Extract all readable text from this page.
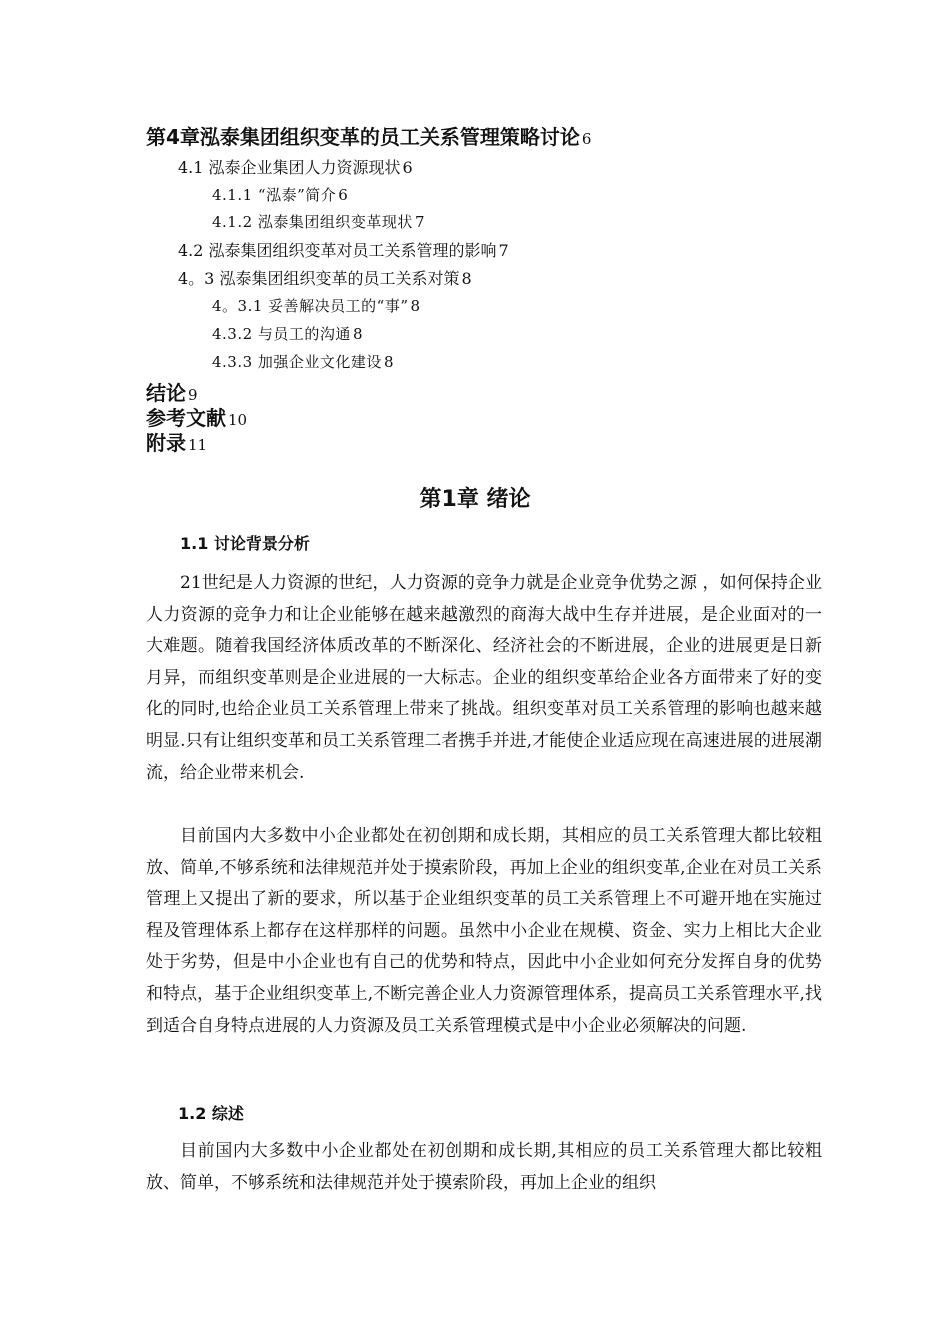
第4章泓泰集团组织变革的员工关系管理策略讨论 6
4.1 泓泰企业集团人力资源现状 6
4.1.1 “泓泰”简介 6
4.1.2 泓泰集团组织变革现状 7
4.2 泓泰集团组织变革对员工关系管理的影响 7
4。3 泓泰集团组织变革的员工关系对策 8
4。3.1 妥善解决员工的“事” 8
4.3.2 与员工的沟通 8
4.3.3 加强企业文化建设 8
结论 9
参考文献 10
附录 11
第1章 绪论
1.1 讨论背景分析

21世纪是人力资源的世纪，人力资源的竞争力就是企业竞争优势之源 ，如何保持企业人力资源的竞争力和让企业能够在越来越激烈的商海大战中生存并进展，是企业面对的一大难题。随着我国经济体质改革的不断深化、经济社会的不断进展，企业的进展更是日新月异，而组织变革则是企业进展的一大标志。企业的组织变革给企业各方面带来了好的变化的同时,也给企业员工关系管理上带来了挑战。组织变革对员工关系管理的影响也越来越明显.只有让组织变革和员工关系管理二者携手并进,才能使企业适应现在高速进展的进展潮流，给企业带来机会.

目前国内大多数中小企业都处在初创期和成长期，其相应的员工关系管理大都比较粗放、简单,不够系统和法律规范并处于摸索阶段，再加上企业的组织变革,企业在对员工关系管理上又提出了新的要求，所以基于企业组织变革的员工关系管理上不可避开地在实施过程及管理体系上都存在这样那样的问题。虽然中小企业在规模、资金、实力上相比大企业处于劣势，但是中小企业也有自己的优势和特点，因此中小企业如何充分发挥自身的优势和特点，基于企业组织变革上,不断完善企业人力资源管理体系，提高员工关系管理水平,找到适合自身特点进展的人力资源及员工关系管理模式是中小企业必须解决的问题.

1.2 综述

目前国内大多数中小企业都处在初创期和成长期,其相应的员工关系管理大都比较粗放、简单，不够系统和法律规范并处于摸索阶段，再加上企业的组织
